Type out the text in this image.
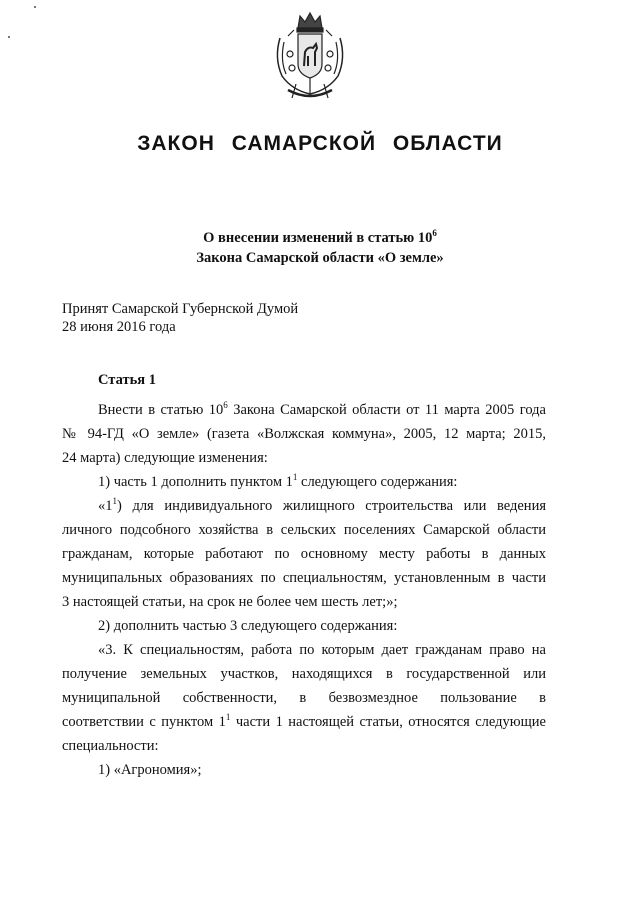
ЗАКОН САМАРСКОЙ ОБЛАСТИ
О внесении изменений в статью $10^6$
Закона Самарской области «О земле»
Принят Самарской Губернской Думой
28 июня 2016 года
Статья 1
Внести в статью $10^6$ Закона Самарской области от 11 марта 2005 года
№ 94-ГД «О земле» (газета «Волжская коммуна», 2005, 12 марта; 2015,
24 марта) следующие изменения:
1) часть 1 дополнить пунктом $1^1$ следующего содержания:
«$1^1$) для индивидуального жилищного строительства или ведения
личного подсобного хозяйства в сельских поселениях Самарской области
гражданам, которые работают по основному месту работы в данных
муниципальных образованиях по специальностям, установленным в части
3 настоящей статьи, на срок не более чем шесть лет;»;
2) дополнить частью 3 следующего содержания:
«3. К специальностям, работа по которым дает гражданам право на
получение земельных участков, находящихся в государственной или
муниципальной собственности, в безвозмездное пользование в
соответствии с пунктом $1^1$ части 1 настоящей статьи, относятся следующие
специальности:
1) «Агрономия»;
